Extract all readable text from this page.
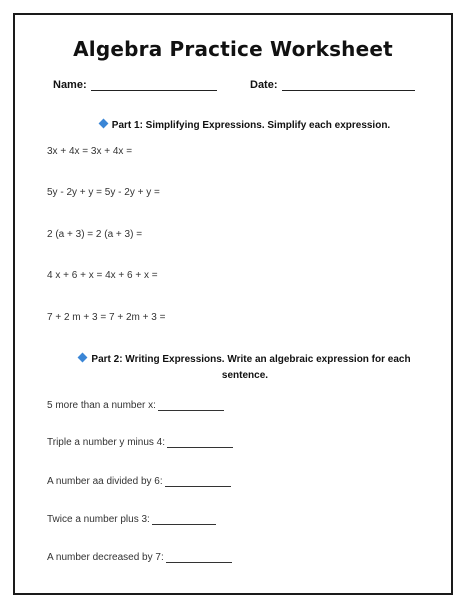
Algebra Practice Worksheet
Name:	Date:
Part 1: Simplifying Expressions. Simplify each expression.
3x + 4x = 3x + 4x =
5y - 2y + y = 5y - 2y + y =
2 (a + 3) = 2 (a + 3) =
4 x + 6 + x = 4x + 6 + x =
7 + 2 m + 3 = 7 + 2m + 3 =
Part 2: Writing Expressions. Write an algebraic expression for each
sentence.
5 more than a number x:
Triple a number y minus 4:
A number aa divided by 6:
Twice a number plus 3:
A number decreased by 7:
